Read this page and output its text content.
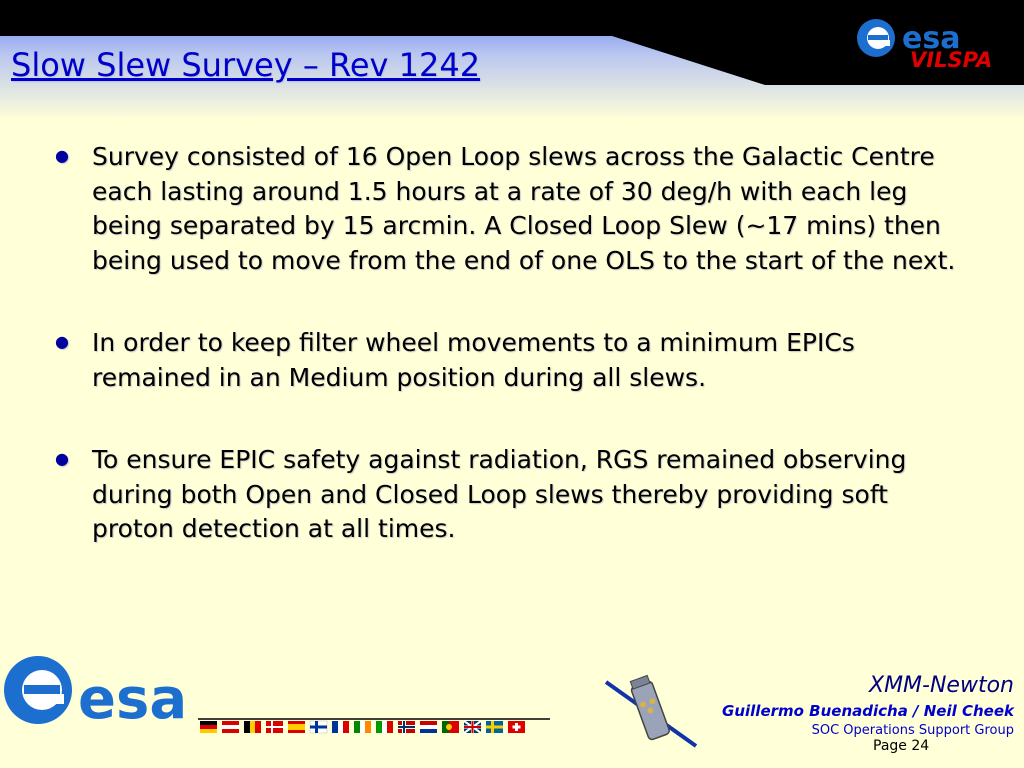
Slow Slew Survey – Rev 1242
esa
VILSPA
● Survey consisted of 16 Open Loop slews across the Galactic Centre each lasting around 1.5 hours at a rate of 30 deg/h with each leg being separated by 15 arcmin. A Closed Loop Slew (~17 mins) then being used to move from the end of one OLS to the start of the next.
● In order to keep filter wheel movements to a minimum EPICs remained in an Medium position during all slews.
● To ensure EPIC safety against radiation, RGS remained observing during both Open and Closed Loop slews thereby providing soft proton detection at all times.
esa	XMM-Newton
Guillermo Buenadicha / Neil Cheek
SOC Operations Support Group
Page 24
